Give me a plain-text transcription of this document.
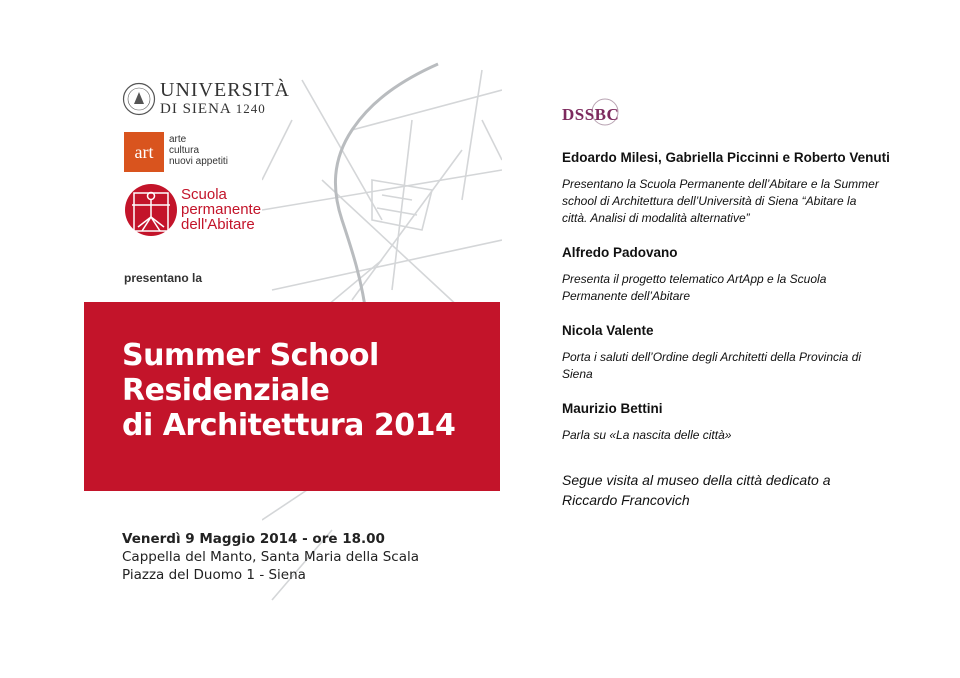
UNIVERSITÀ
DI SIENA 1240
art
arte
cultura
nuovi appetiti
Scuola
permanente
dell'Abitare
presentano la
Summer School
Residenziale
di Architettura 2014
Venerdì 9 Maggio 2014 - ore 18.00
Cappella del Manto, Santa Maria della Scala
Piazza del Duomo 1 - Siena
DSSBC
Edoardo Milesi, Gabriella Piccinni e Roberto Venuti
Presentano la Scuola Permanente dell’Abitare e la Summer
school di Architettura dell’Università di Siena “Abitare la
città. Analisi di modalità alternative”
Alfredo Padovano
Presenta il progetto telematico ArtApp e la Scuola
Permanente dell’Abitare
Nicola Valente
Porta i saluti dell’Ordine degli Architetti della Provincia di
Siena
Maurizio Bettini
Parla su «La nascita delle città»
Segue visita al museo della città dedicato a
Riccardo Francovich
